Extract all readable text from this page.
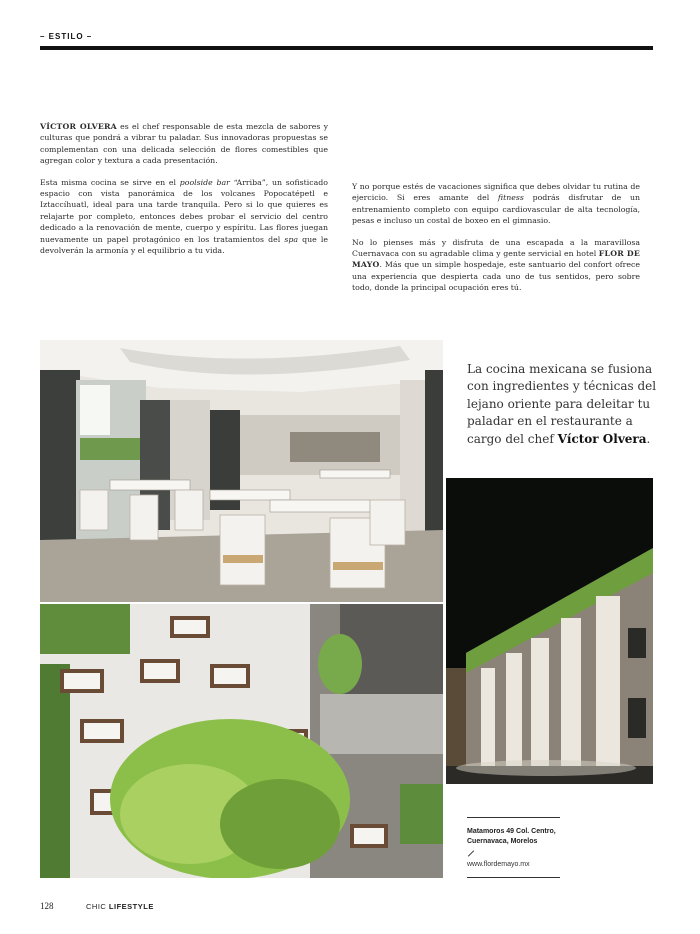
– ESTILO –

VÍCTOR OLVERA es el chef responsable de esta mezcla de sabores y culturas que pondrá a vibrar tu paladar. Sus innovadoras propuestas se complementan con una delicada selección de flores comestibles que agregan color y textura a cada presentación.

Esta misma cocina se sirve en el poolside bar “Arriba”, un sofisticado espacio con vista panorámica de los volcanes Popocatépetl e Iztaccíhuatl, ideal para una tarde tranquila. Pero si lo que quieres es relajarte por completo, entonces debes probar el servicio del centro dedicado a la renovación de mente, cuerpo y espíritu. Las flores juegan nuevamente un papel protagónico en los tratamientos del spa que le devolverán la armonía y el equilibrio a tu vida.

Y no porque estés de vacaciones significa que debes olvidar tu rutina de ejercicio. Si eres amante del fitness podrás disfrutar de un entrenamiento completo con equipo cardiovascular de alta tecnología, pesas e incluso un costal de boxeo en el gimnasio.

No lo pienses más y disfruta de una escapada a la maravillosa Cuernavaca con su agradable clima y gente servicial en hotel FLOR DE MAYO. Más que un simple hospedaje, este santuario del confort ofrece una experiencia que despierta cada uno de tus sentidos, pero sobre todo, donde la principal ocupación eres tú.

La cocina mexicana se fusiona con ingredientes y técnicas del lejano oriente para deleitar tu paladar en el restaurante a cargo del chef Víctor Olvera.
Matamoros 49 Col. Centro,
Cuernavaca, Morelos
www.flordemayo.mx
128	CHIC LIFESTYLE
